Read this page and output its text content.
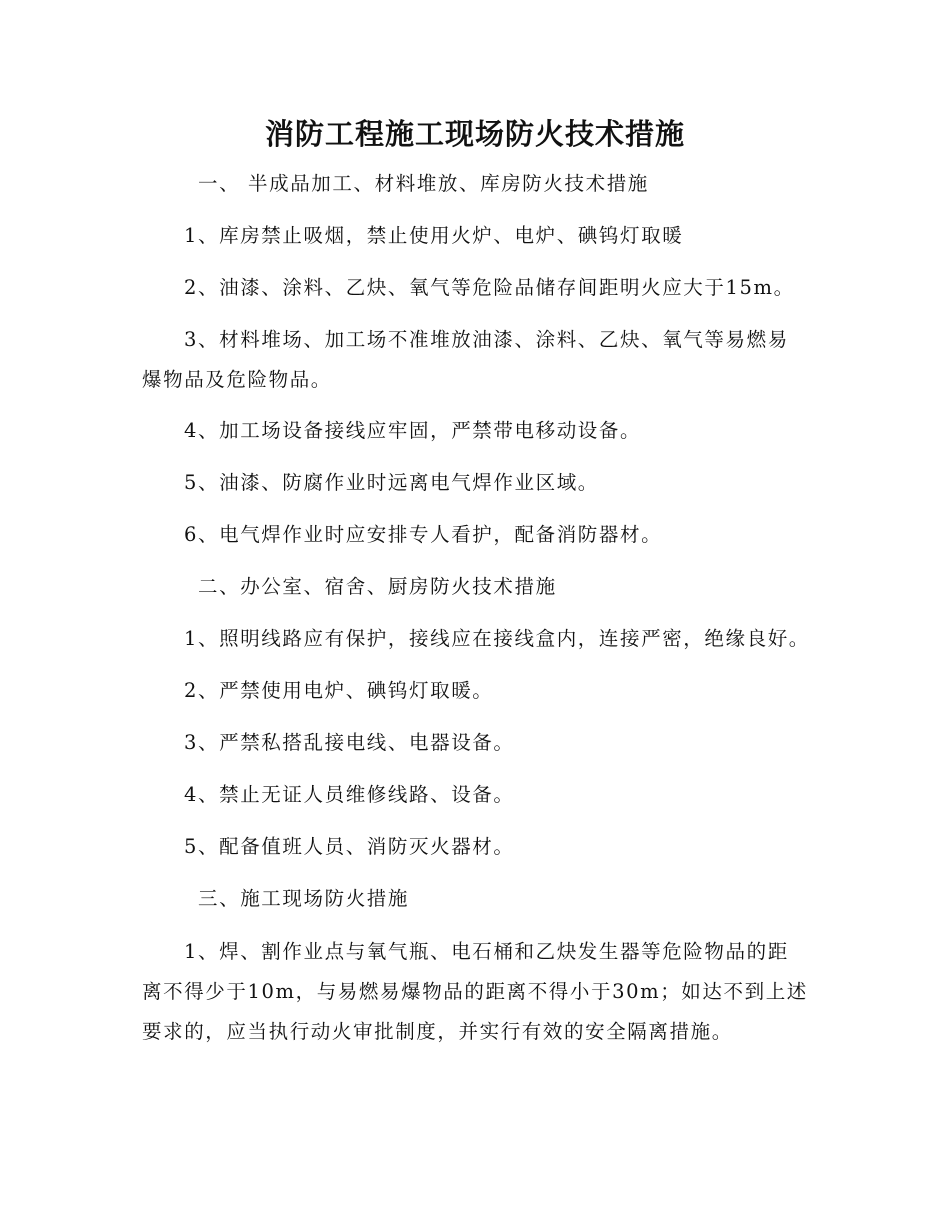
消防工程施工现场防火技术措施

一、 半成品加工、材料堆放、库房防火技术措施

1、库房禁止吸烟，禁止使用火炉、电炉、碘钨灯取暖

2、油漆、涂料、乙炔、氧气等危险品储存间距明火应大于15m。

3、材料堆场、加工场不准堆放油漆、涂料、乙炔、氧气等易燃易
爆物品及危险物品。

4、加工场设备接线应牢固，严禁带电移动设备。

5、油漆、防腐作业时远离电气焊作业区域。

6、电气焊作业时应安排专人看护，配备消防器材。

二、办公室、宿舍、厨房防火技术措施

1、照明线路应有保护，接线应在接线盒内，连接严密，绝缘良好。

2、严禁使用电炉、碘钨灯取暖。

3、严禁私搭乱接电线、电器设备。

4、禁止无证人员维修线路、设备。

5、配备值班人员、消防灭火器材。

三、施工现场防火措施

1、焊、割作业点与氧气瓶、电石桶和乙炔发生器等危险物品的距
离不得少于10m，与易燃易爆物品的距离不得小于30m；如达不到上述
要求的，应当执行动火审批制度，并实行有效的安全隔离措施。
